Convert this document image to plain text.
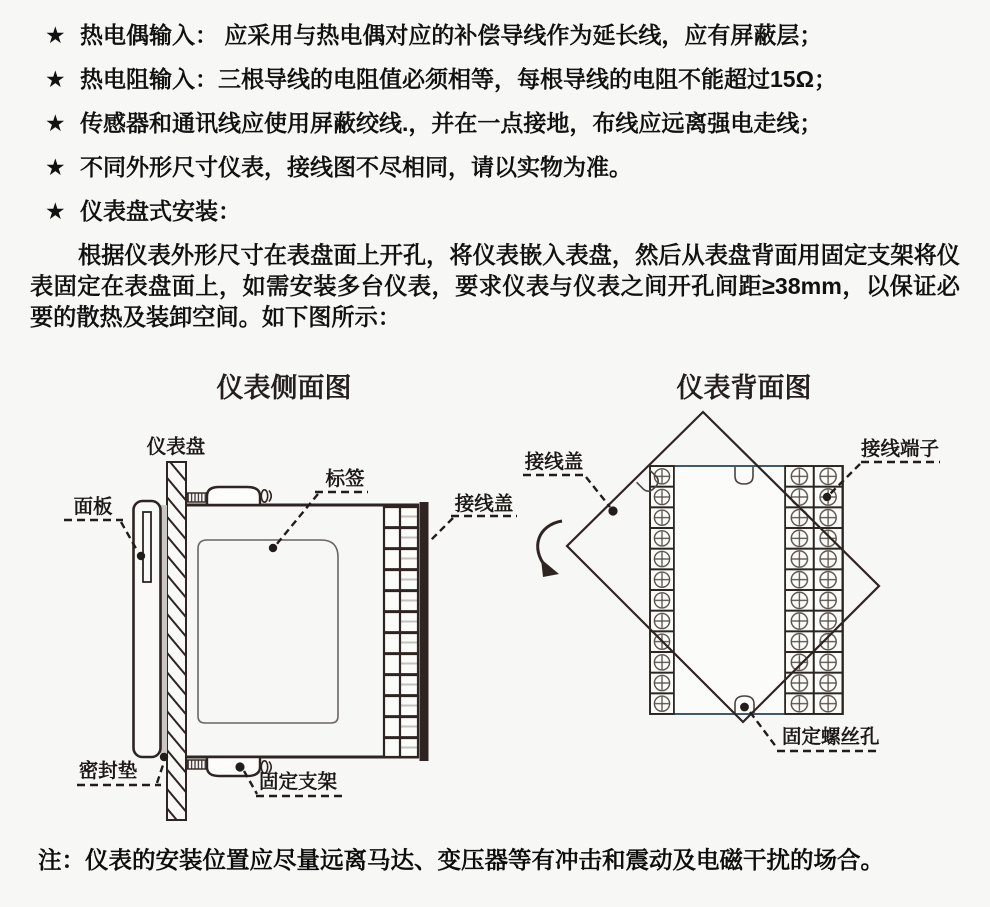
★ 热电偶输入： 应采用与热电偶对应的补偿导线作为延长线，应有屏蔽层；
★ 热电阻输入：三根导线的电阻值必须相等，每根导线的电阻不能超过15Ω；
★ 传感器和通讯线应使用屏蔽绞线.，并在一点接地，布线应远离强电走线；
★ 不同外形尺寸仪表，接线图不尽相同，请以实物为准。
★ 仪表盘式安装：

根据仪表外形尺寸在表盘面上开孔，将仪表嵌入表盘，然后从表盘背面用固定支架将仪表固定在表盘面上，如需安装多台仪表，要求仪表与仪表之间开孔间距≥38mm，以保证必要的散热及装卸空间。如下图所示：

仪表侧面图
仪表盘
标签
接线盖
面板
密封垫	固定支架
仪表背面图
接线盖
接线端子
固定螺丝孔

注：仪表的安装位置应尽量远离马达、变压器等有冲击和震动及电磁干扰的场合。
